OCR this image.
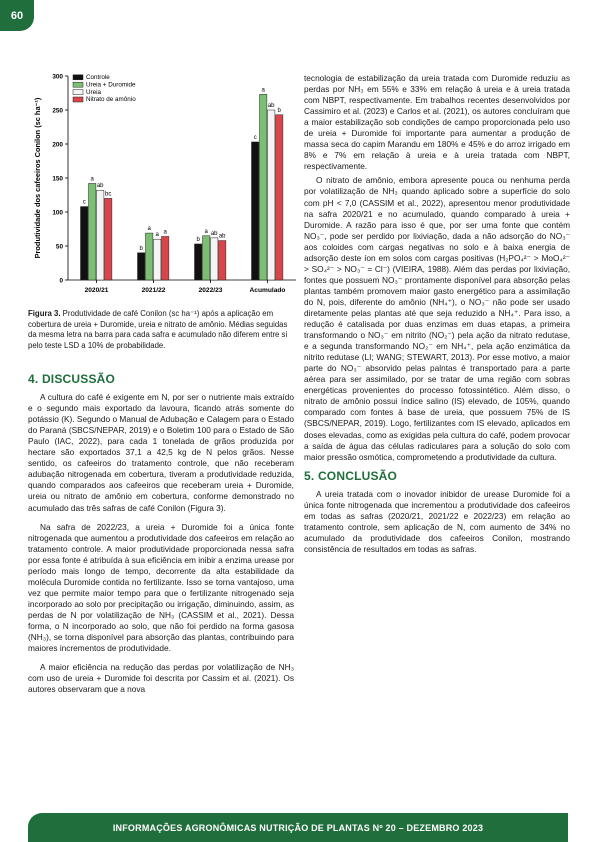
60
Produtividade dos cafeeiros Conilon (sc ha⁻¹)
0
50
100
150
200
250
300
c
a
ab
bc
2020/21
b
a
a a
2021/22
b
a ab ab
2022/23
c
a
ab
b
Acumulado
Controle
Ureia + Duromide
Ureia
Nitrato de amônio
Figura 3. Produtividade de café Conilon (sc ha⁻¹) após a aplicação em cobertura de ureia + Duromide, ureia e nitrato de amônio. Médias seguidas da mesma letra na barra para cada safra e acumulado não diferem entre si pelo teste LSD a 10% de probabilidade.
4. DISCUSSÃO

A cultura do café é exigente em N, por ser o nutriente mais extraído e o segundo mais exportado da lavoura, ficando atrás somente do potássio (K). Segundo o Manual de Adubação e Calagem para o Estado do Paraná (SBCS/NEPAR, 2019) e o Boletim 100 para o Estado de São Paulo (IAC, 2022), para cada 1 tonelada de grãos produzida por hectare são exportados 37,1 a 42,5 kg de N pelos grãos. Nesse sentido, os cafeeiros do tratamento controle, que não receberam adubação nitrogenada em cobertura, tiveram a produtividade reduzida, quando comparados aos cafeeiros que receberam ureia + Duromide, ureia ou nitrato de amônio em cobertura, conforme demonstrado no acumulado das três safras de café Conilon (Figura 3).

Na safra de 2022/23, a ureia + Duromide foi a única fonte nitrogenada que aumentou a produtividade dos cafeeiros em relação ao tratamento controle. A maior produtividade proporcionada nessa safra por essa fonte é atribuída à sua eficiência em inibir a enzima urease por período mais longo de tempo, decorrente da alta estabilidade da molécula Duromide contida no fertilizante. Isso se torna vantajoso, uma vez que permite maior tempo para que o fertilizante nitrogenado seja incorporado ao solo por precipitação ou irrigação, diminuindo, assim, as perdas de N por volatilização de NH₃ (CASSIM et al., 2021). Dessa forma, o N incorporado ao solo, que não foi perdido na forma gasosa (NH₃), se torna disponível para absorção das plantas, contribuindo para maiores incrementos de produtividade.

A maior eficiência na redução das perdas por volatilização de NH₃ com uso de ureia + Duromide foi descrita por Cassim et al. (2021). Os autores observaram que a nova

tecnologia de estabilização da ureia tratada com Duromide reduziu as perdas por NH₃ em 55% e 33% em relação à ureia e à ureia tratada com NBPT, respectivamente. Em trabalhos recentes desenvolvidos por Cassimiro et al. (2023) e Carlos et al. (2021), os autores concluíram que a maior estabilização sob condições de campo proporcionada pelo uso de ureia + Duromide foi importante para aumentar a produção de massa seca do capim Marandu em 180% e 45% e do arroz irrigado em 8% e 7% em relação à ureia e à ureia tratada com NBPT, respectivamente.

O nitrato de amônio, embora apresente pouca ou nenhuma perda por volatilização de NH₃ quando aplicado sobre a superfície do solo com pH < 7,0 (CASSIM et al., 2022), apresentou menor produtividade na safra 2020/21 e no acumulado, quando comparado à ureia + Duromide. A razão para isso é que, por ser uma fonte que contém NO₃⁻, pode ser perdido por lixiviação, dada a não adsorção do NO₃⁻ aos coloides com cargas negativas no solo e à baixa energia de adsorção deste íon em solos com cargas positivas (H₂PO₄²⁻ > MoO₄²⁻ > SO₄²⁻ > NO₃⁻ = Cl⁻) (VIEIRA, 1988). Além das perdas por lixiviação, fontes que possuem NO₃⁻ prontamente disponível para absorção pelas plantas também promovem maior gasto energético para a assimilação do N, pois, diferente do amônio (NH₄⁺), o NO₃⁻ não pode ser usado diretamente pelas plantas até que seja reduzido a NH₄⁺. Para isso, a redução é catalisada por duas enzimas em duas etapas, a primeira transformando o NO₃⁻ em nitrito (NO₂⁻) pela ação da nitrato redutase, e a segunda transformando NO₂⁻ em NH₄⁺, pela ação enzimática da nitrito redutase (LI; WANG; STEWART, 2013). Por esse motivo, a maior parte do NO₃⁻ absorvido pelas palntas é transportado para a parte aérea para ser assimilado, por se tratar de uma região com sobras energéticas provenientes do processo fotossintético. Além disso, o nitrato de amônio possui índice salino (IS) elevado, de 105%, quando comparado com fontes à base de ureia, que possuem 75% de IS (SBCS/NEPAR, 2019). Logo, fertilizantes com IS elevado, aplicados em doses elevadas, como as exigidas pela cultura do café, podem provocar a saída de água das células radiculares para a solução do solo com maior pressão osmótica, comprometendo a produtividade da cultura.

5. CONCLUSÃO

A ureia tratada com o inovador inibidor de urease Duromide foi a única fonte nitrogenada que incrementou a produtividade dos cafeeiros em todas as safras (2020/21, 2021/22 e 2022/23) em relação ao tratamento controle, sem aplicação de N, com aumento de 34% no acumulado da produtividade dos cafeeiros Conilon, mostrando consistência de resultados em todas as safras.

INFORMAÇÕES AGRONÔMICAS NUTRIÇÃO DE PLANTAS Nº 20 – DEZEMBRO 2023
